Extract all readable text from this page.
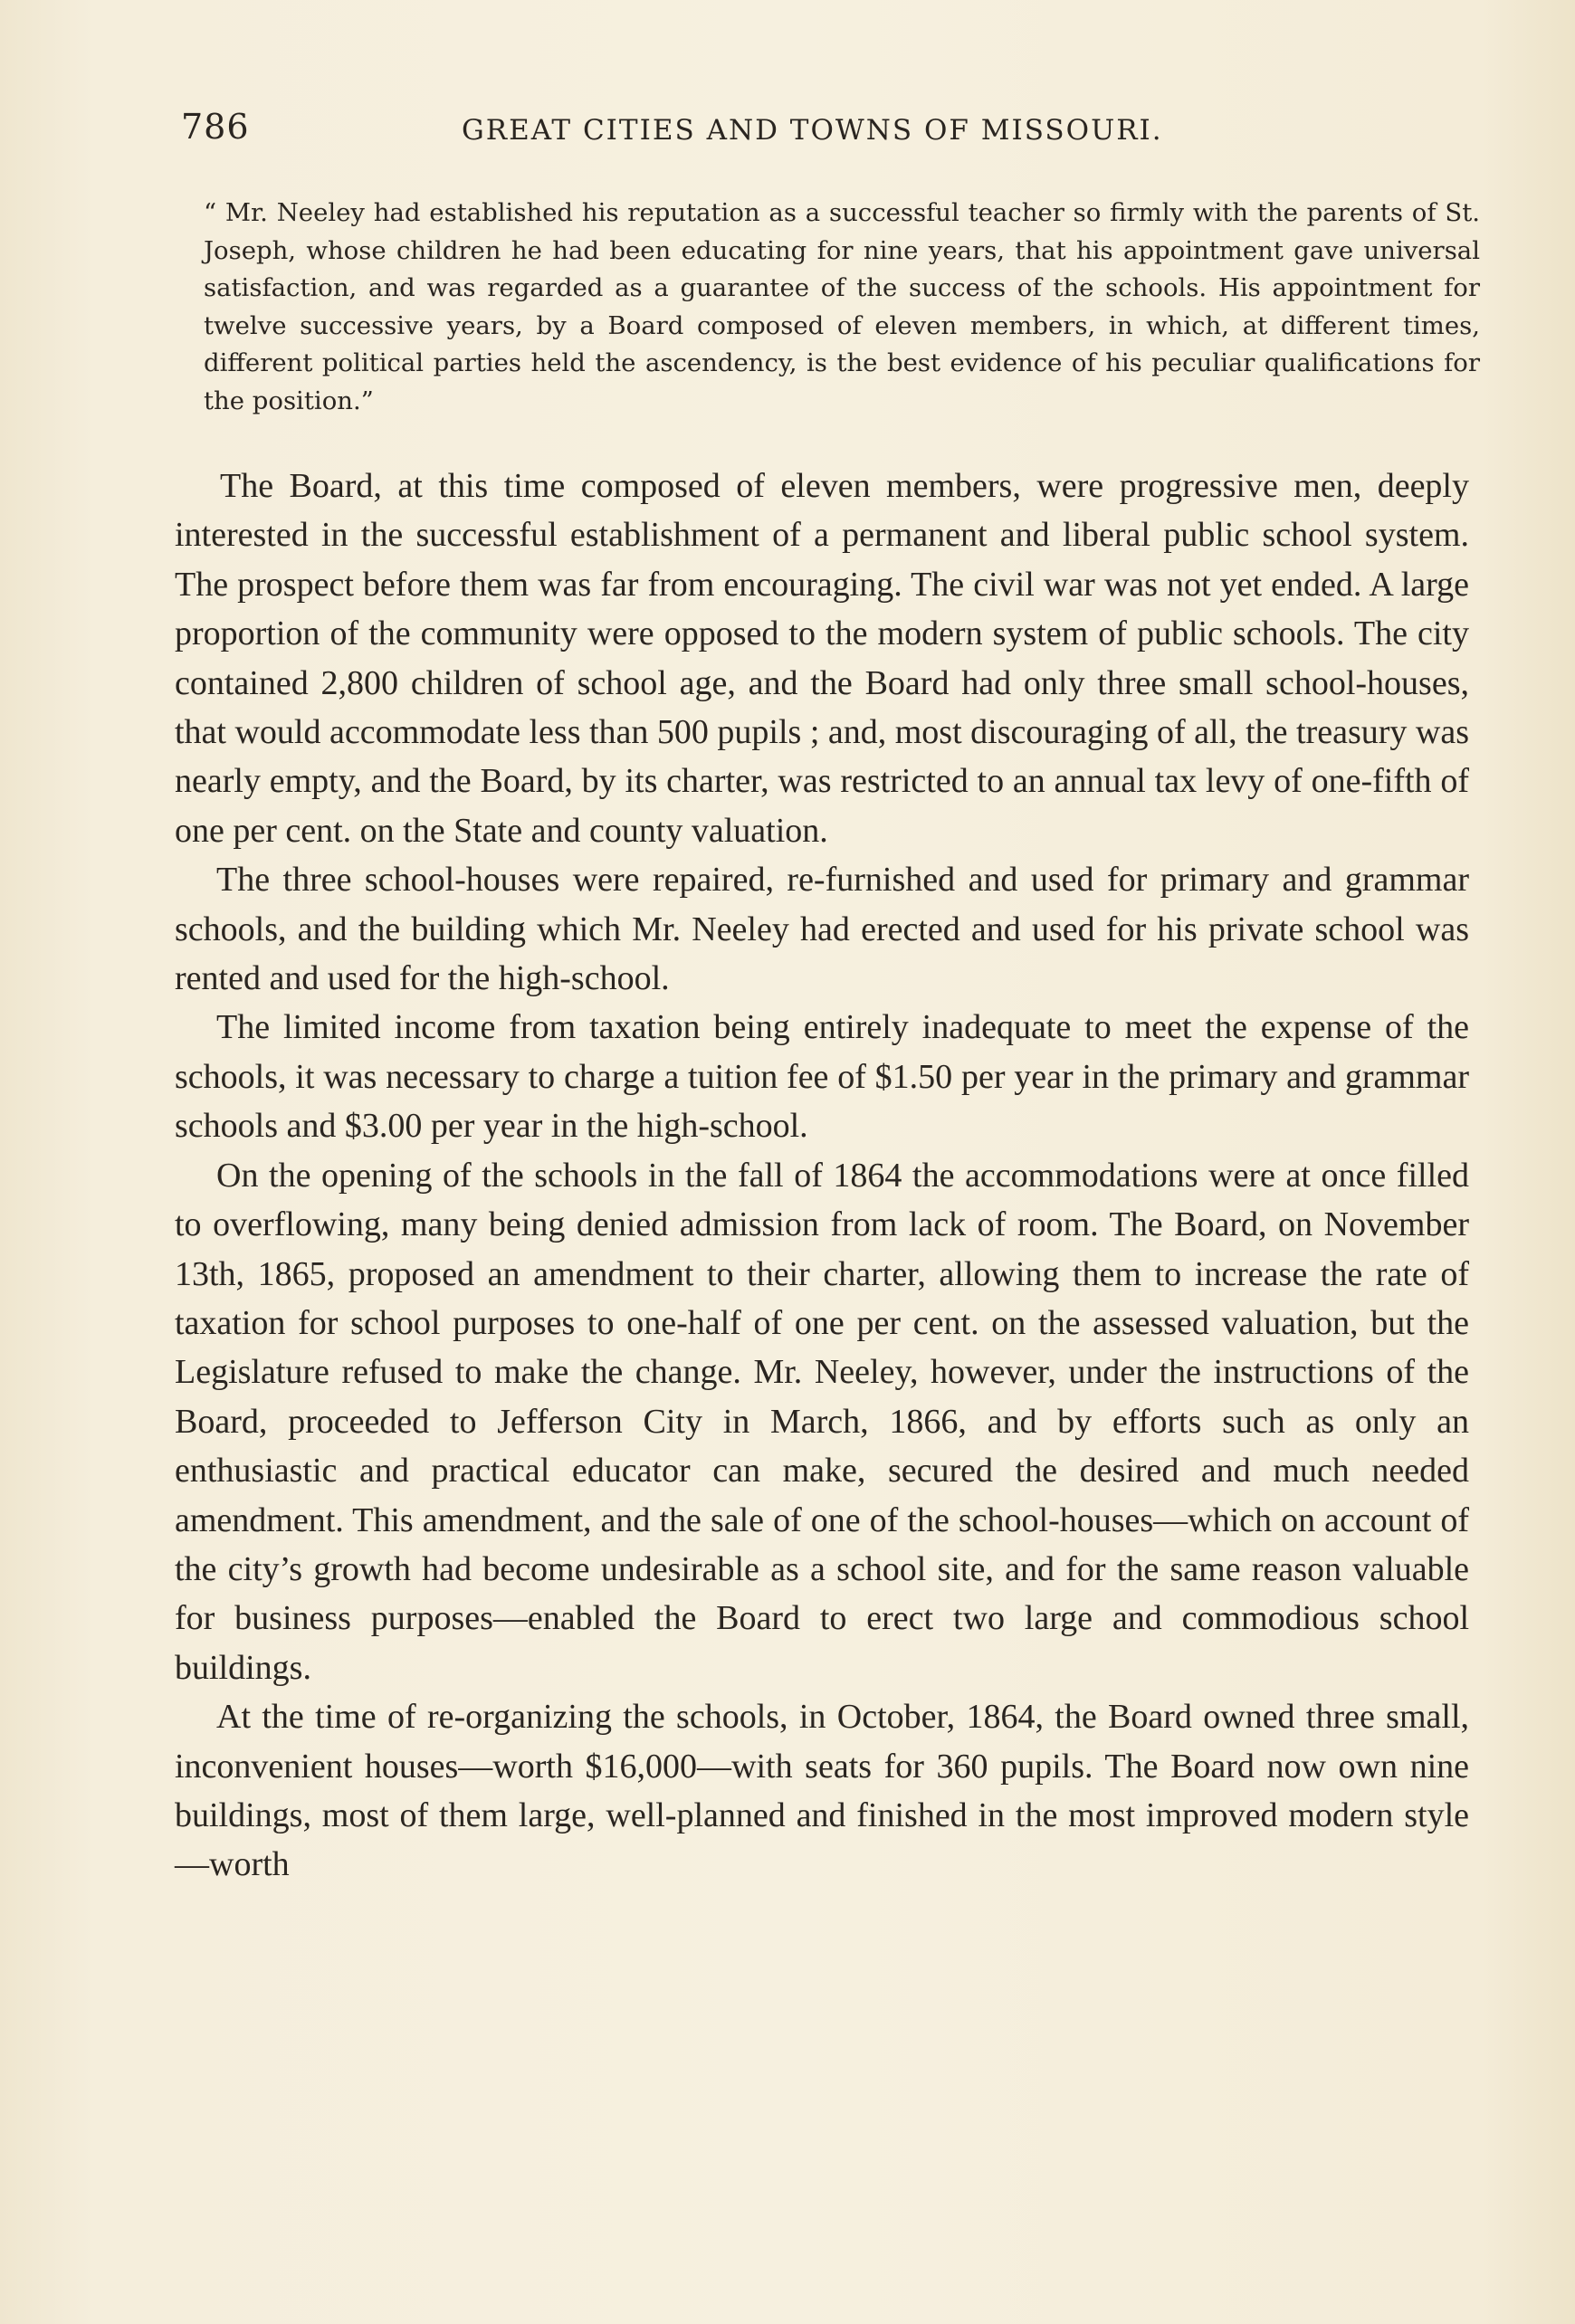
786	GREAT CITIES AND TOWNS OF MISSOURI.
“ Mr. Neeley had established his reputation as a successful teacher so firmly with the parents of St. Joseph, whose children he had been educating for nine years, that his appointment gave universal satisfaction, and was regarded as a guarantee of the success of the schools. His appointment for twelve successive years, by a Board composed of eleven members, in which, at different times, different political parties held the ascendency, is the best evidence of his peculiar qualifications for the position.”

The Board, at this time composed of eleven members, were progressive men, deeply interested in the successful establishment of a permanent and liberal public school system. The prospect before them was far from encouraging. The civil war was not yet ended. A large proportion of the community were opposed to the modern system of public schools. The city contained 2,800 children of school age, and the Board had only three small school-houses, that would accommodate less than 500 pupils ; and, most discouraging of all, the treasury was nearly empty, and the Board, by its charter, was restricted to an annual tax levy of one-fifth of one per cent. on the State and county valuation.

The three school-houses were repaired, re-furnished and used for primary and grammar schools, and the building which Mr. Neeley had erected and used for his private school was rented and used for the high-school.

The limited income from taxation being entirely inadequate to meet the expense of the schools, it was necessary to charge a tuition fee of $1.50 per year in the primary and grammar schools and $3.00 per year in the high-school.

On the opening of the schools in the fall of 1864 the accommodations were at once filled to overflowing, many being denied admission from lack of room. The Board, on November 13th, 1865, proposed an amendment to their charter, allowing them to increase the rate of taxation for school purposes to one-half of one per cent. on the assessed valuation, but the Legislature refused to make the change. Mr. Neeley, however, under the instructions of the Board, proceeded to Jefferson City in March, 1866, and by efforts such as only an enthusiastic and practical educator can make, secured the desired and much needed amendment. This amendment, and the sale of one of the school-houses—which on account of the city’s growth had become undesirable as a school site, and for the same reason valuable for business purposes—enabled the Board to erect two large and commodious school buildings.

At the time of re-organizing the schools, in October, 1864, the Board owned three small, inconvenient houses—worth $16,000—with seats for 360 pupils. The Board now own nine buildings, most of them large, well-planned and finished in the most improved modern style—worth
